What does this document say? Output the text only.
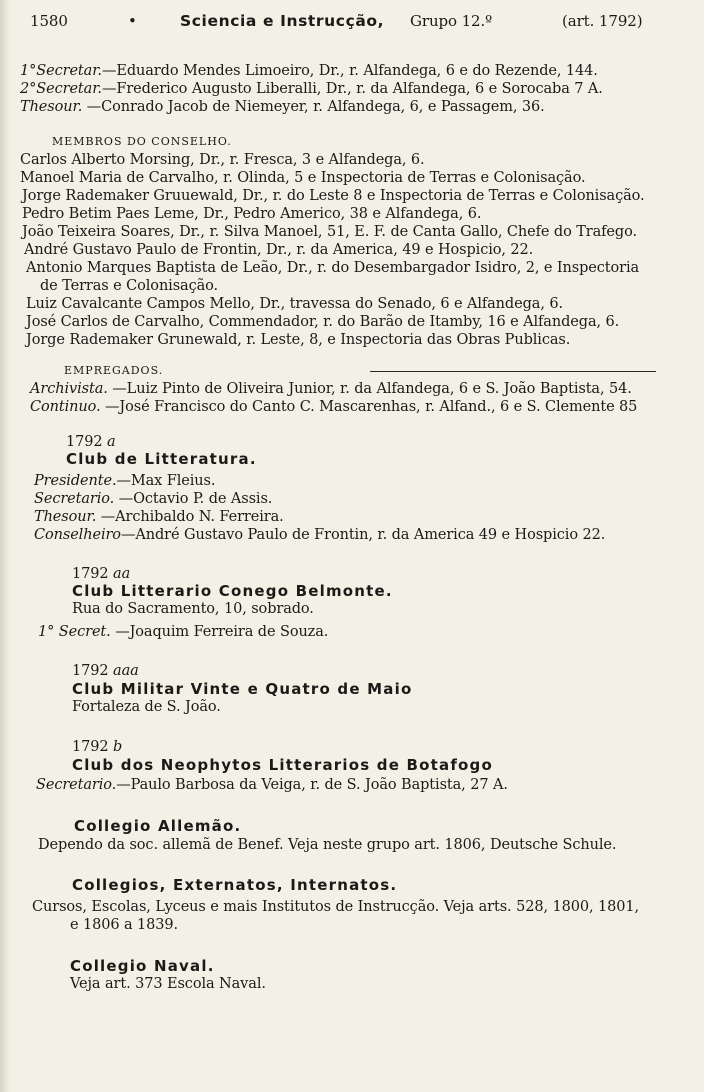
1580	•	Sciencia e Instrucção, Grupo 12.º	(art. 1792)
1°Secretar.—Eduardo Mendes Limoeiro, Dr., r. Alfandega, 6 e do Rezende, 144.
2°Secretar.—Frederico Augusto Liberalli, Dr., r. da Alfandega, 6 e Sorocaba 7 A.
Thesour. —Conrado Jacob de Niemeyer, r. Alfandega, 6, e Passagem, 36.
MEMBROS DO CONSELHO.
Carlos Alberto Morsing, Dr., r. Fresca, 3 e Alfandega, 6.
Manoel Maria de Carvalho, r. Olinda, 5 e Inspectoria de Terras e Colonisação.
Jorge Rademaker Gruuewald, Dr., r. do Leste 8 e Inspectoria de Terras e Colonisação.
Pedro Betim Paes Leme, Dr., Pedro Americo, 38 e Alfandega, 6.
João Teixeira Soares, Dr., r. Silva Manoel, 51, E. F. de Canta Gallo, Chefe do Trafego.
André Gustavo Paulo de Frontin, Dr., r. da America, 49 e Hospicio, 22.
Antonio Marques Baptista de Leão, Dr., r. do Desembargador Isidro, 2, e Inspectoria
de Terras e Colonisação.
Luiz Cavalcante Campos Mello, Dr., travessa do Senado, 6 e Alfandega, 6.
José Carlos de Carvalho, Commendador, r. do Barão de Itamby, 16 e Alfandega, 6.
Jorge Rademaker Grunewald, r. Leste, 8, e Inspectoria das Obras Publicas.
EMPREGADOS.
Archivista. —Luiz Pinto de Oliveira Junior, r. da Alfandega, 6 e S. João Baptista, 54.
Continuo. —José Francisco do Canto C. Mascarenhas, r. Alfand., 6 e S. Clemente 85
1792 a
Club de Litteratura.
Presidente.—Max Fleius.
Secretario. —Octavio P. de Assis.
Thesour. —Archibaldo N. Ferreira.
Conselheiro—André Gustavo Paulo de Frontin, r. da America 49 e Hospicio 22.
1792 aa
Club Litterario Conego Belmonte.
Rua do Sacramento, 10, sobrado.
1° Secret. —Joaquim Ferreira de Souza.
1792 aaa
Club Militar Vinte e Quatro de Maio
Fortaleza de S. João.
1792 b
Club dos Neophytos Litterarios de Botafogo
Secretario.—Paulo Barbosa da Veiga, r. de S. João Baptista, 27 A.
Collegio Allemão.
Dependo da soc. allemã de Benef. Veja neste grupo art. 1806, Deutsche Schule.
Collegios, Externatos, Internatos.
Cursos, Escolas, Lyceus e mais Institutos de Instrucção. Veja arts. 528, 1800, 1801,
e 1806 a 1839.
Collegio Naval.
Veja art. 373 Escola Naval.
